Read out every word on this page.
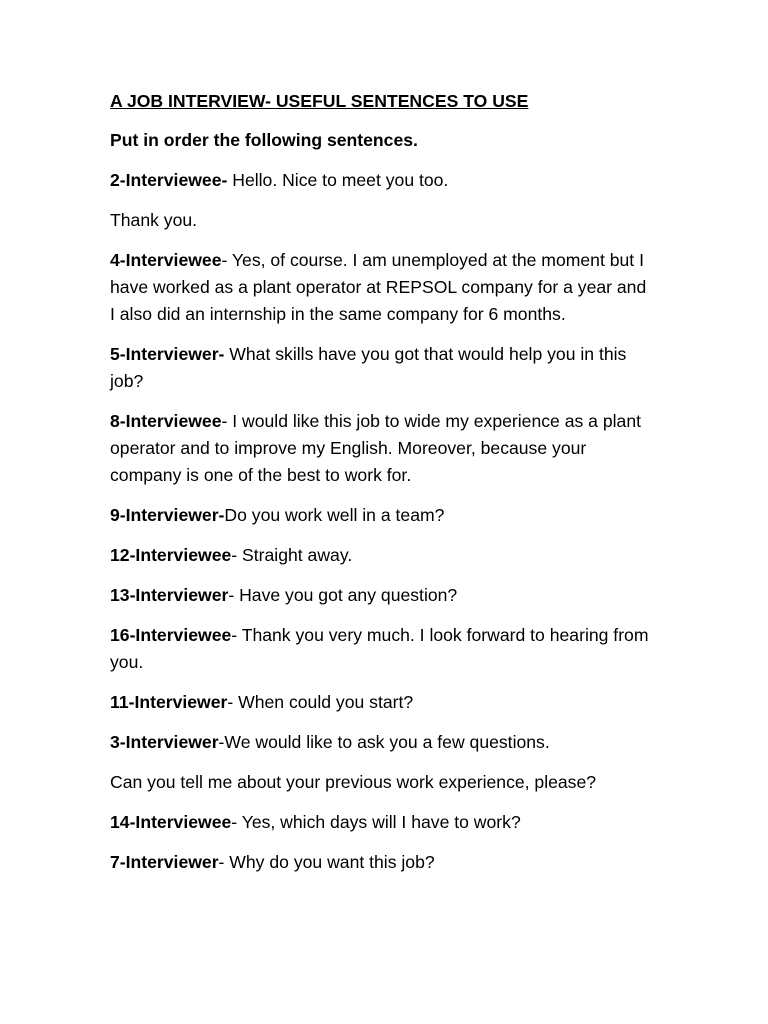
A JOB INTERVIEW- USEFUL SENTENCES TO USE
Put in order the following sentences.
2-Interviewee- Hello. Nice to meet you too.
Thank you.
4-Interviewee- Yes, of course. I am unemployed at the moment but I have worked as a plant operator at REPSOL company for a year and I also did an internship in the same company for 6 months.
5-Interviewer- What skills have you got that would help you in this job?
8-Interviewee- I would like this job to wide my experience as a plant operator and to improve my English. Moreover, because your company is one of the best to work for.
9-Interviewer-Do you work well in a team?
12-Interviewee- Straight away.
13-Interviewer- Have you got any question?
16-Interviewee- Thank you very much. I look forward to hearing from you.
11-Interviewer- When could you start?
3-Interviewer-We would like to ask you a few questions.
Can you tell me about your previous work experience, please?
14-Interviewee- Yes, which days will I have to work?
7-Interviewer- Why do you want this job?
